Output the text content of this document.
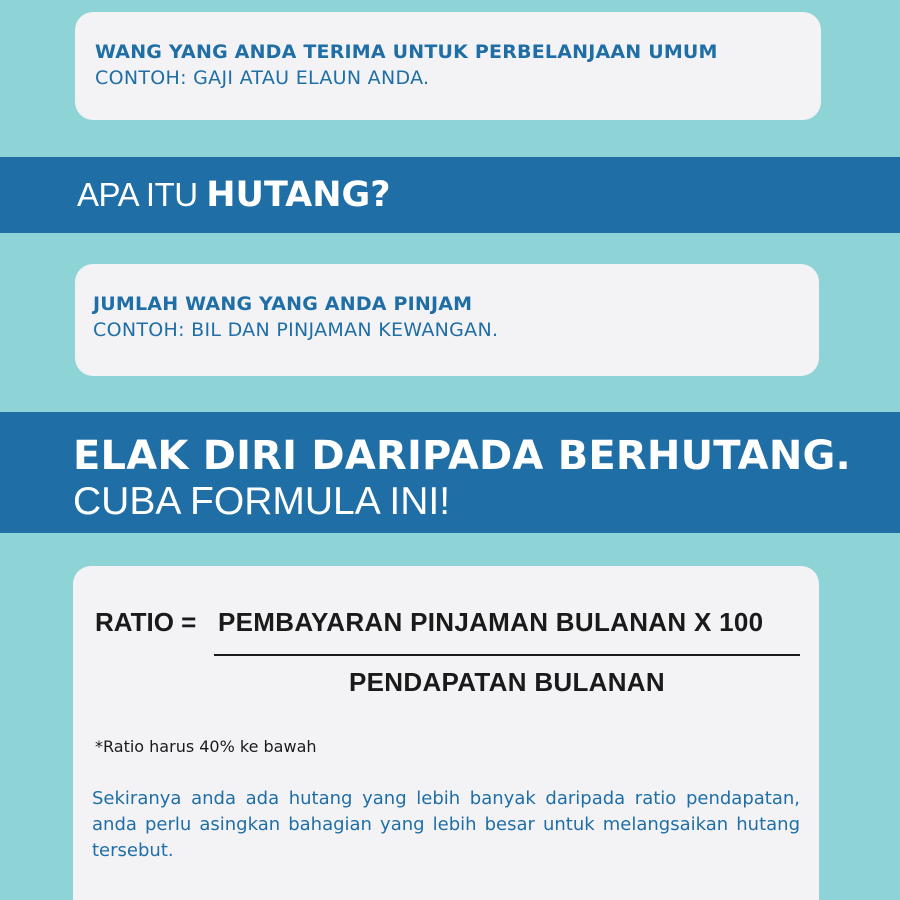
WANG YANG ANDA TERIMA UNTUK PERBELANJAAN UMUM
CONTOH: GAJI ATAU ELAUN ANDA.
APA ITU HUTANG?
JUMLAH WANG YANG ANDA PINJAM
CONTOH: BIL DAN PINJAMAN KEWANGAN.
ELAK DIRI DARIPADA BERHUTANG.
CUBA FORMULA INI!
RATIO = PEMBAYARAN PINJAMAN BULANAN X 100
PENDAPATAN BULANAN
*Ratio harus 40% ke bawah
Sekiranya anda ada hutang yang lebih banyak daripada ratio pendapatan, anda perlu asingkan bahagian yang lebih besar untuk melangsaikan hutang tersebut.
